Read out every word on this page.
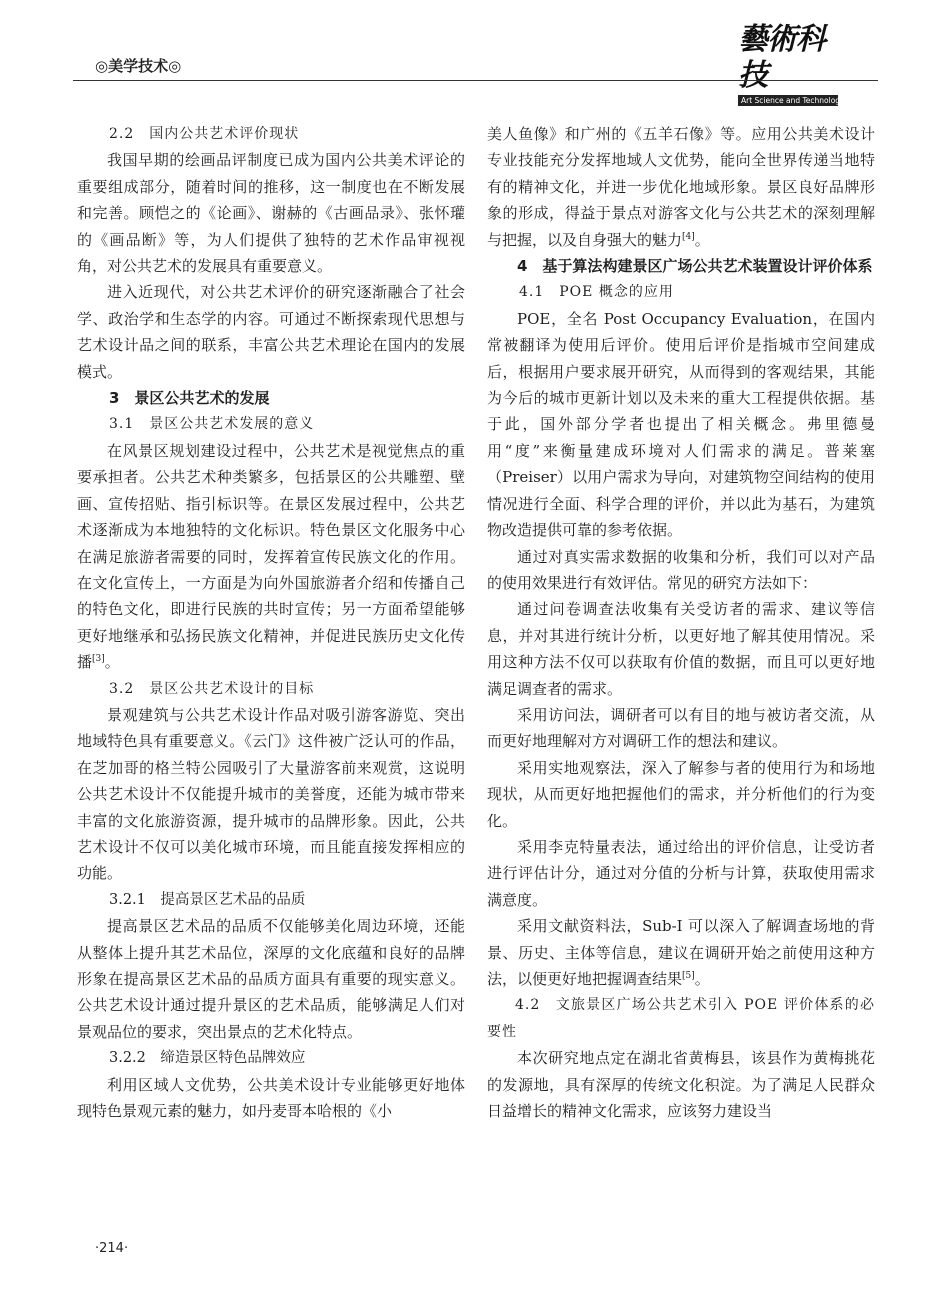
◎美学技术◎
藝術科技
Art Science and Technology

2.2　国内公共艺术评价现状

我国早期的绘画品评制度已成为国内公共美术评论的重要组成部分，随着时间的推移，这一制度也在不断发展和完善。顾恺之的《论画》、谢赫的《古画品录》、张怀瓘的《画品断》等，为人们提供了独特的艺术作品审视视角，对公共艺术的发展具有重要意义。

进入近现代，对公共艺术评价的研究逐渐融合了社会学、政治学和生态学的内容。可通过不断探索现代思想与艺术设计品之间的联系，丰富公共艺术理论在国内的发展模式。

3　景区公共艺术的发展

3.1　景区公共艺术发展的意义

在风景区规划建设过程中，公共艺术是视觉焦点的重要承担者。公共艺术种类繁多，包括景区的公共雕塑、壁画、宣传招贴、指引标识等。在景区发展过程中，公共艺术逐渐成为本地独特的文化标识。特色景区文化服务中心在满足旅游者需要的同时，发挥着宣传民族文化的作用。在文化宣传上，一方面是为向外国旅游者介绍和传播自己的特色文化，即进行民族的共时宣传；另一方面希望能够更好地继承和弘扬民族文化精神，并促进民族历史文化传播[3]。

3.2　景区公共艺术设计的目标

景观建筑与公共艺术设计作品对吸引游客游览、突出地域特色具有重要意义。《云门》这件被广泛认可的作品，在芝加哥的格兰特公园吸引了大量游客前来观赏，这说明公共艺术设计不仅能提升城市的美誉度，还能为城市带来丰富的文化旅游资源，提升城市的品牌形象。因此，公共艺术设计不仅可以美化城市环境，而且能直接发挥相应的功能。

3.2.1　提高景区艺术品的品质

提高景区艺术品的品质不仅能够美化周边环境，还能从整体上提升其艺术品位，深厚的文化底蕴和良好的品牌形象在提高景区艺术品的品质方面具有重要的现实意义。公共艺术设计通过提升景区的艺术品质，能够满足人们对景观品位的要求，突出景点的艺术化特点。

3.2.2　缔造景区特色品牌效应

利用区域人文优势，公共美术设计专业能够更好地体现特色景观元素的魅力，如丹麦哥本哈根的《小

美人鱼像》和广州的《五羊石像》等。应用公共美术设计专业技能充分发挥地域人文优势，能向全世界传递当地特有的精神文化，并进一步优化地域形象。景区良好品牌形象的形成，得益于景点对游客文化与公共艺术的深刻理解与把握，以及自身强大的魅力[4]。

4　基于算法构建景区广场公共艺术装置设计评价体系

4.1　POE 概念的应用

POE，全名 Post Occupancy Evaluation，在国内常被翻译为使用后评价。使用后评价是指城市空间建成后，根据用户要求展开研究，从而得到的客观结果，其能为今后的城市更新计划以及未来的重大工程提供依据。基于此，国外部分学者也提出了相关概念。弗里德曼用“度”来衡量建成环境对人们需求的满足。普莱塞（Preiser）以用户需求为导向，对建筑物空间结构的使用情况进行全面、科学合理的评价，并以此为基石，为建筑物改造提供可靠的参考依据。

通过对真实需求数据的收集和分析，我们可以对产品的使用效果进行有效评估。常见的研究方法如下：

通过问卷调查法收集有关受访者的需求、建议等信息，并对其进行统计分析，以更好地了解其使用情况。采用这种方法不仅可以获取有价值的数据，而且可以更好地满足调查者的需求。

采用访问法，调研者可以有目的地与被访者交流，从而更好地理解对方对调研工作的想法和建议。

采用实地观察法，深入了解参与者的使用行为和场地现状，从而更好地把握他们的需求，并分析他们的行为变化。

采用李克特量表法，通过给出的评价信息，让受访者进行评估计分，通过对分值的分析与计算，获取使用需求满意度。

采用文献资料法，Sub-I 可以深入了解调查场地的背景、历史、主体等信息，建议在调研开始之前使用这种方法，以便更好地把握调查结果[5]。

4.2　文旅景区广场公共艺术引入 POE 评价体系的必要性

本次研究地点定在湖北省黄梅县，该县作为黄梅挑花的发源地，具有深厚的传统文化积淀。为了满足人民群众日益增长的精神文化需求，应该努力建设当

·214·
